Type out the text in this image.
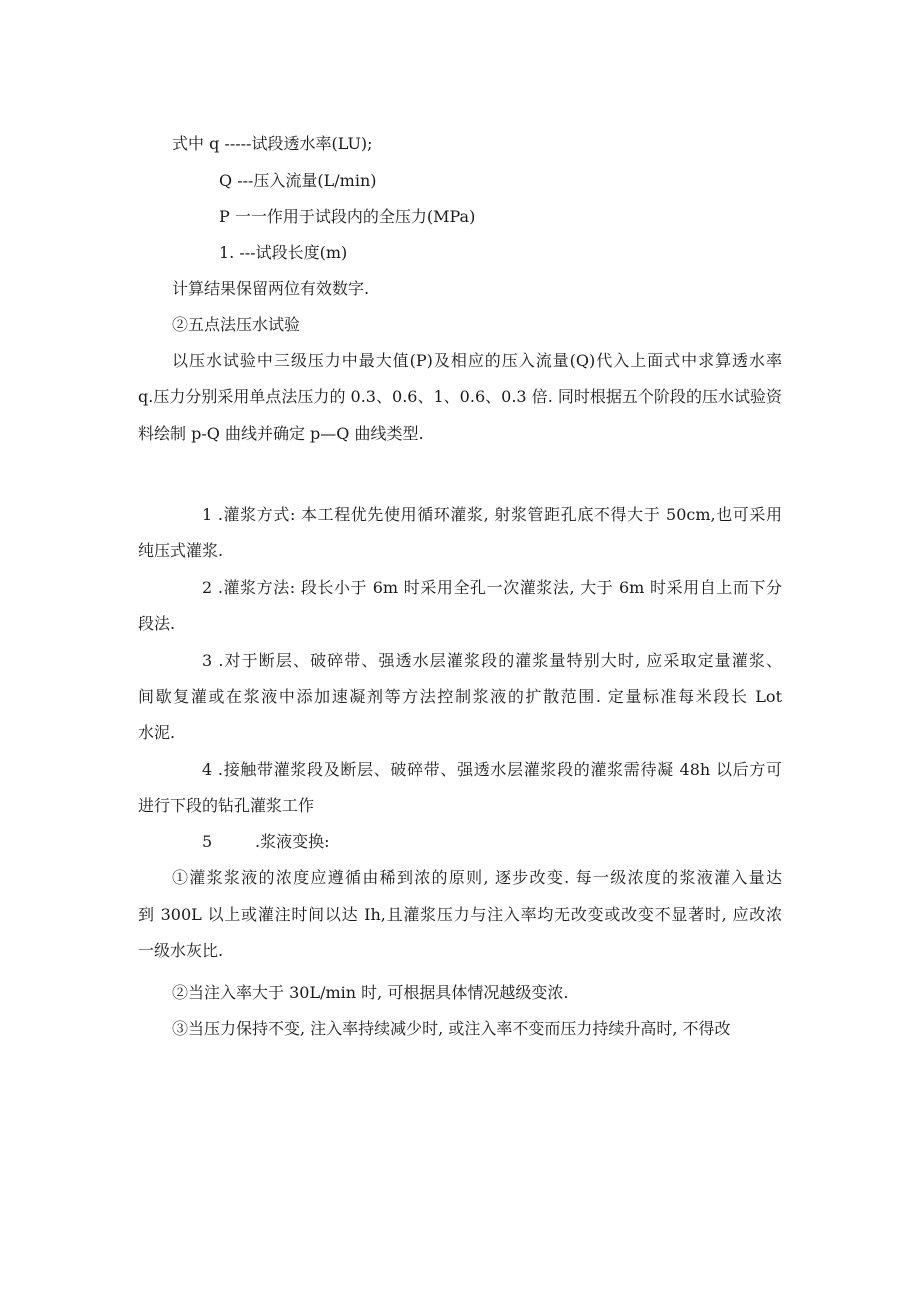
式中 q -----试段透水率(LU);
Q ---压入流量(L/min)
P 一一作用于试段内的全压力(MPa)
1. ---试段长度(m)
计算结果保留两位有效数字.
②五点法压水试验
以压水试验中三级压力中最大值(P)及相应的压入流量(Q)代入上面式中求算透水率
q.压力分别采用单点法压力的 0.3、0.6、1、0.6、0.3 倍. 同时根据五个阶段的压水试验资
料绘制 p-Q 曲线并确定 p—Q 曲线类型.
1 .灌浆方式: 本工程优先使用循环灌浆, 射浆管距孔底不得大于 50cm,也可采用
纯压式灌浆.
2 .灌浆方法: 段长小于 6m 时采用全孔一次灌浆法, 大于 6m 时采用自上而下分
段法.
3 .对于断层、破碎带、强透水层灌浆段的灌浆量特别大时, 应采取定量灌浆、
间歇复灌或在浆液中添加速凝剂等方法控制浆液的扩散范围. 定量标准每米段长 Lot
水泥.
4 .接触带灌浆段及断层、破碎带、强透水层灌浆段的灌浆需待凝 48h 以后方可
进行下段的钻孔灌浆工作
5	.浆液变换:
①灌浆浆液的浓度应遵循由稀到浓的原则, 逐步改变. 每一级浓度的浆液灌入量达
到 300L 以上或灌注时间以达 Ih,且灌浆压力与注入率均无改变或改变不显著时, 应改浓
一级水灰比.
②当注入率大于 30L/min 时, 可根据具体情况越级变浓.
③当压力保持不变, 注入率持续减少时, 或注入率不变而压力持续升高时, 不得改
